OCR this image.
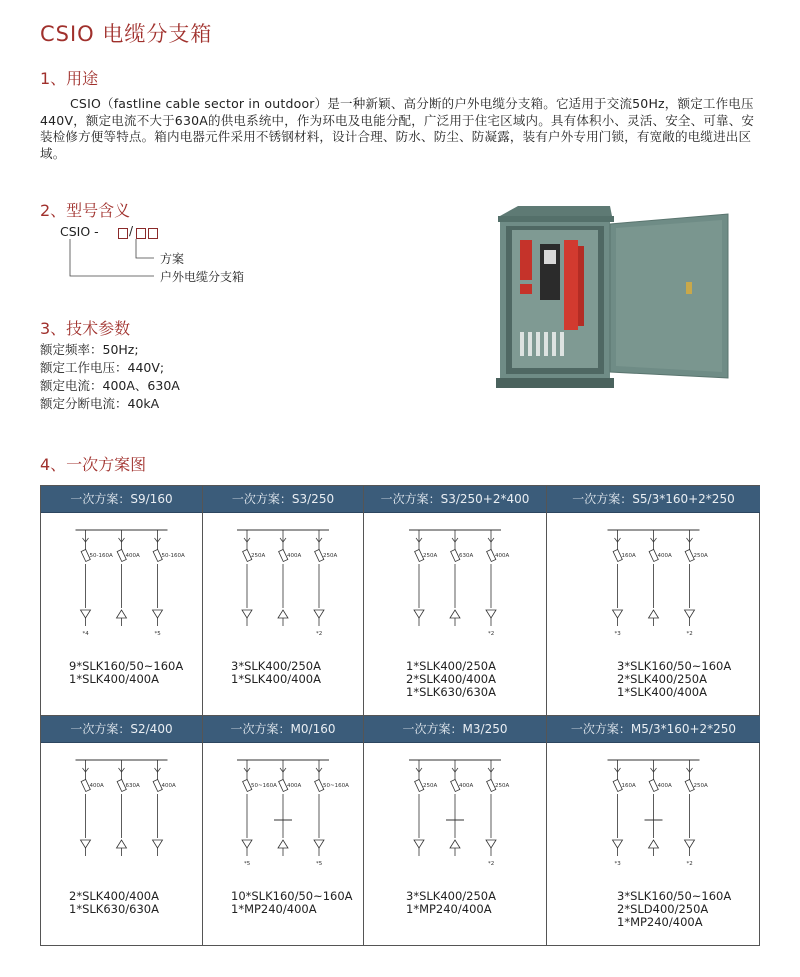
CSIO 电缆分支箱
1、用途
CSIO（fastline cable sector in outdoor）是一种新颖、高分断的户外电缆分支箱。它适用于交流50Hz，额定工作电压440V，额定电流不大于630A的供电系统中，作为环电及电能分配，广泛用于住宅区域内。具有体积小、灵活、安全、可靠、安装检修方便等特点。箱内电器元件采用不锈钢材料，设计合理、防水、防尘、防凝露，装有户外专用门锁，有宽敞的电缆进出区域。
2、型号含义
CSIO -	/
方案
户外电缆分支箱
3、技术参数
额定频率：50Hz;
额定工作电压：440V;
额定电流：400A、630A
额定分断电流：40kA
4、一次方案图
一次方案：S9/160
50-160A
*4
400A	50-160A
*5
9*SLK160/50~160A
1*SLK400/400A
一次方案：S3/250
250A	400A	250A
*2
3*SLK400/250A
1*SLK400/400A
一次方案：S3/250+2*400
250A	630A	400A
*2
1*SLK400/250A
2*SLK400/400A
1*SLK630/630A
一次方案：S5/3*160+2*250
160A
*3
400A	250A
*2
3*SLK160/50~160A
2*SLK400/250A
1*SLK400/400A
一次方案：S2/400
400A	630A	400A
2*SLK400/400A
1*SLK630/630A
一次方案：M0/160
50~160A
*5
400A	50~160A
*5
10*SLK160/50~160A
1*MP240/400A
一次方案：M3/250
250A	400A	250A
*2
3*SLK400/250A
1*MP240/400A
一次方案：M5/3*160+2*250
160A
*3
400A	250A
*2
3*SLK160/50~160A
2*SLD400/250A
1*MP240/400A
